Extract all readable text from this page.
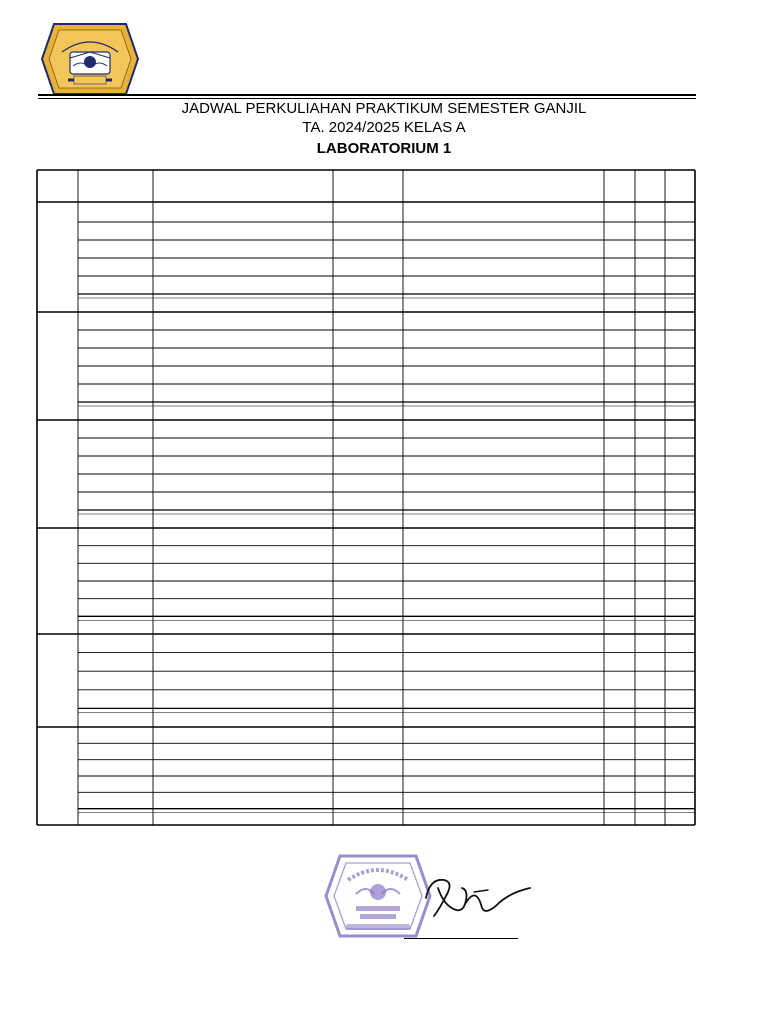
JADWAL PERKULIAHAN PRAKTIKUM SEMESTER GANJIL
TA. 2024/2025 KELAS A
LABORATORIUM 1
